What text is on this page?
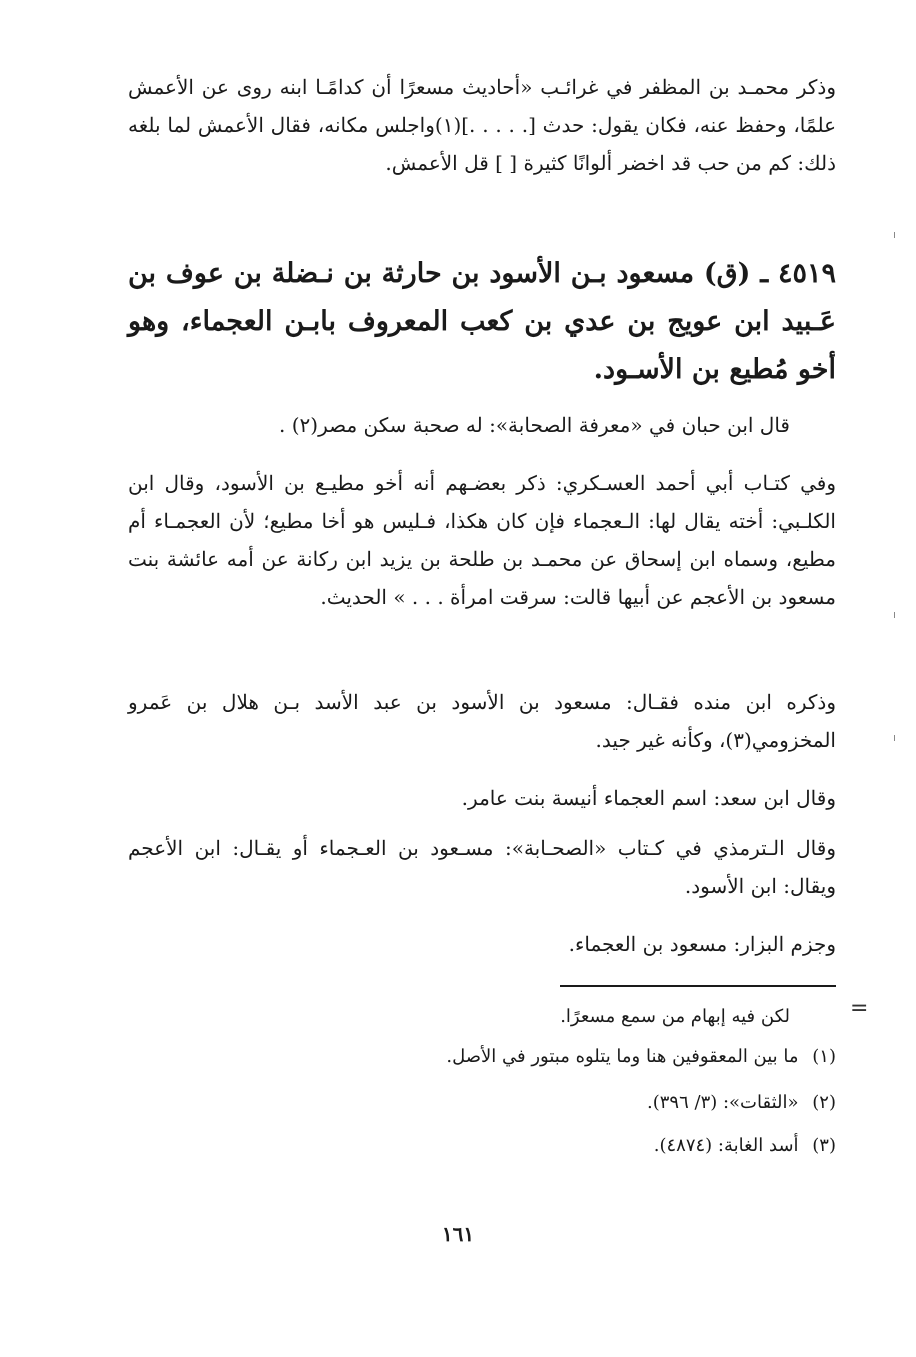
وذكر محمـد بن المظفر في غرائـب «أحاديث مسعرًا أن كدامًـا ابنه روى عن الأعمش علمًا، وحفظ عنه، فكان يقول: حدث [. . . . .](١)واجلس مكانه، فقال الأعمش لما بلغه ذلك: كم من حب قد اخضر ألوانًا كثيرة [ ] قل الأعمش.

٤٥١٩ ـ (ق) مسعود بـن الأسود بن حارثة بن نـضلة بن عوف بن عَـبيد ابن عويج بن عدي بن كعب المعروف بابـن العجماء، وهو أخو مُطيع بن الأسـود.

قال ابن حبان في «معرفة الصحابة»: له صحبة سكن مصر(٢) .

وفي كتـاب أبي أحمد العسـكري: ذكر بعضـهم أنه أخو مطيـع بن الأسود، وقال ابن الكلـبي: أخته يقال لها: الـعجماء فإن كان هكذا، فـليس هو أخا مطيع؛ لأن العجمـاء أم مطيع، وسماه ابن إسحاق عن محمـد بن طلحة بن يزيد ابن ركانة عن أمه عائشة بنت مسعود بن الأعجم عن أبيها قالت: سرقت امرأة . . . » الحديث.

وذكره ابن منده فقـال: مسعود بن الأسود بن عبد الأسد بـن هلال بن عَمرو المخزومي(٣)، وكأنه غير جيد.

وقال ابن سعد: اسم العجماء أنيسة بنت عامر.

وقال الـترمذي في كـتاب «الصحـابة»: مسـعود بن العـجماء أو يقـال: ابن الأعجم ويقال: ابن الأسود.

وجزم البزار: مسعود بن العجماء.

=
لكن فيه إبهام من سمع مسعرًا.
(١) ما بين المعقوفين هنا وما يتلوه مبتور في الأصل.
(٢) «الثقات»: (٣/ ٣٩٦).
(٣) أسد الغابة: (٤٨٧٤).
١٦١
